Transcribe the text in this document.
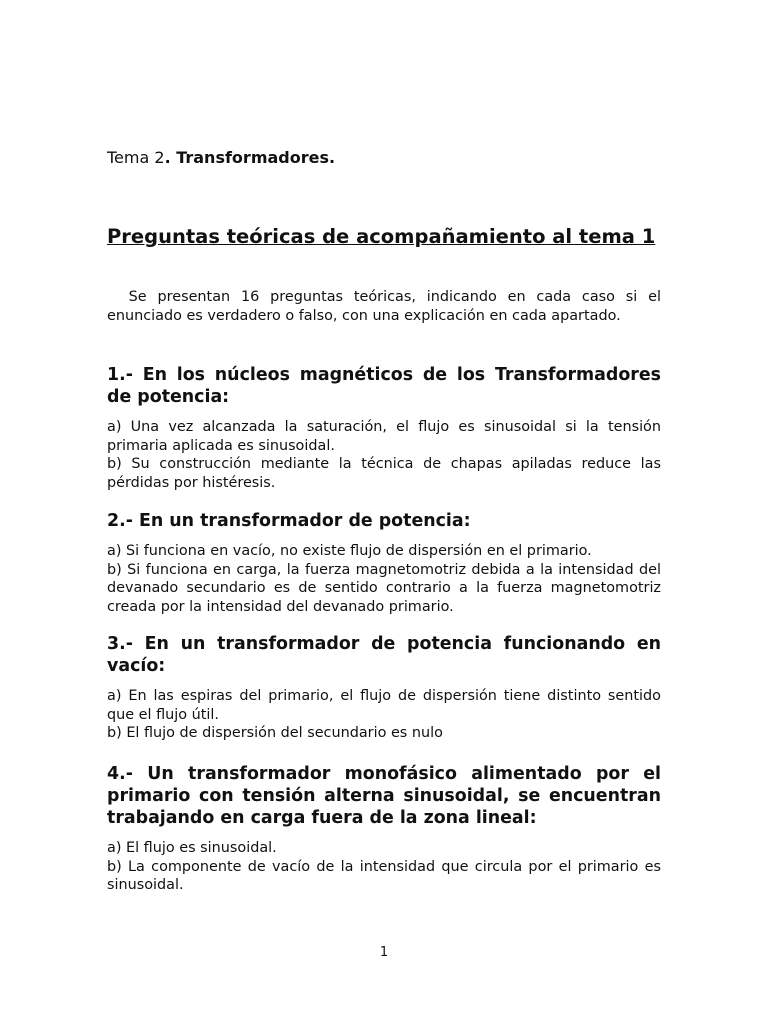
Tema 2. Transformadores.
Preguntas teóricas de acompañamiento al tema 1
Se presentan 16 preguntas teóricas, indicando en cada caso si el enunciado es verdadero o falso, con una explicación en cada apartado.
1.- En los núcleos magnéticos de los Transformadores de potencia:

a) Una vez alcanzada la saturación, el flujo es sinusoidal si la tensión primaria aplicada es sinusoidal.

b) Su construcción mediante la técnica de chapas apiladas reduce las pérdidas por histéresis.

2.- En un transformador de potencia:

a) Si funciona en vacío, no existe flujo de dispersión en el primario.

b) Si funciona en carga, la fuerza magnetomotriz debida a la intensidad del devanado secundario es de sentido contrario a la fuerza magnetomotriz creada por la intensidad del devanado primario.

3.- En un transformador de potencia funcionando en vacío:

a) En las espiras del primario, el flujo de dispersión tiene distinto sentido que el flujo útil.

b) El flujo de dispersión del secundario es nulo

4.- Un transformador monofásico alimentado por el primario con tensión alterna sinusoidal, se encuentran trabajando en carga fuera de la zona lineal:

a) El flujo es sinusoidal.

b) La componente de vacío de la intensidad que circula por el primario es sinusoidal.

1
